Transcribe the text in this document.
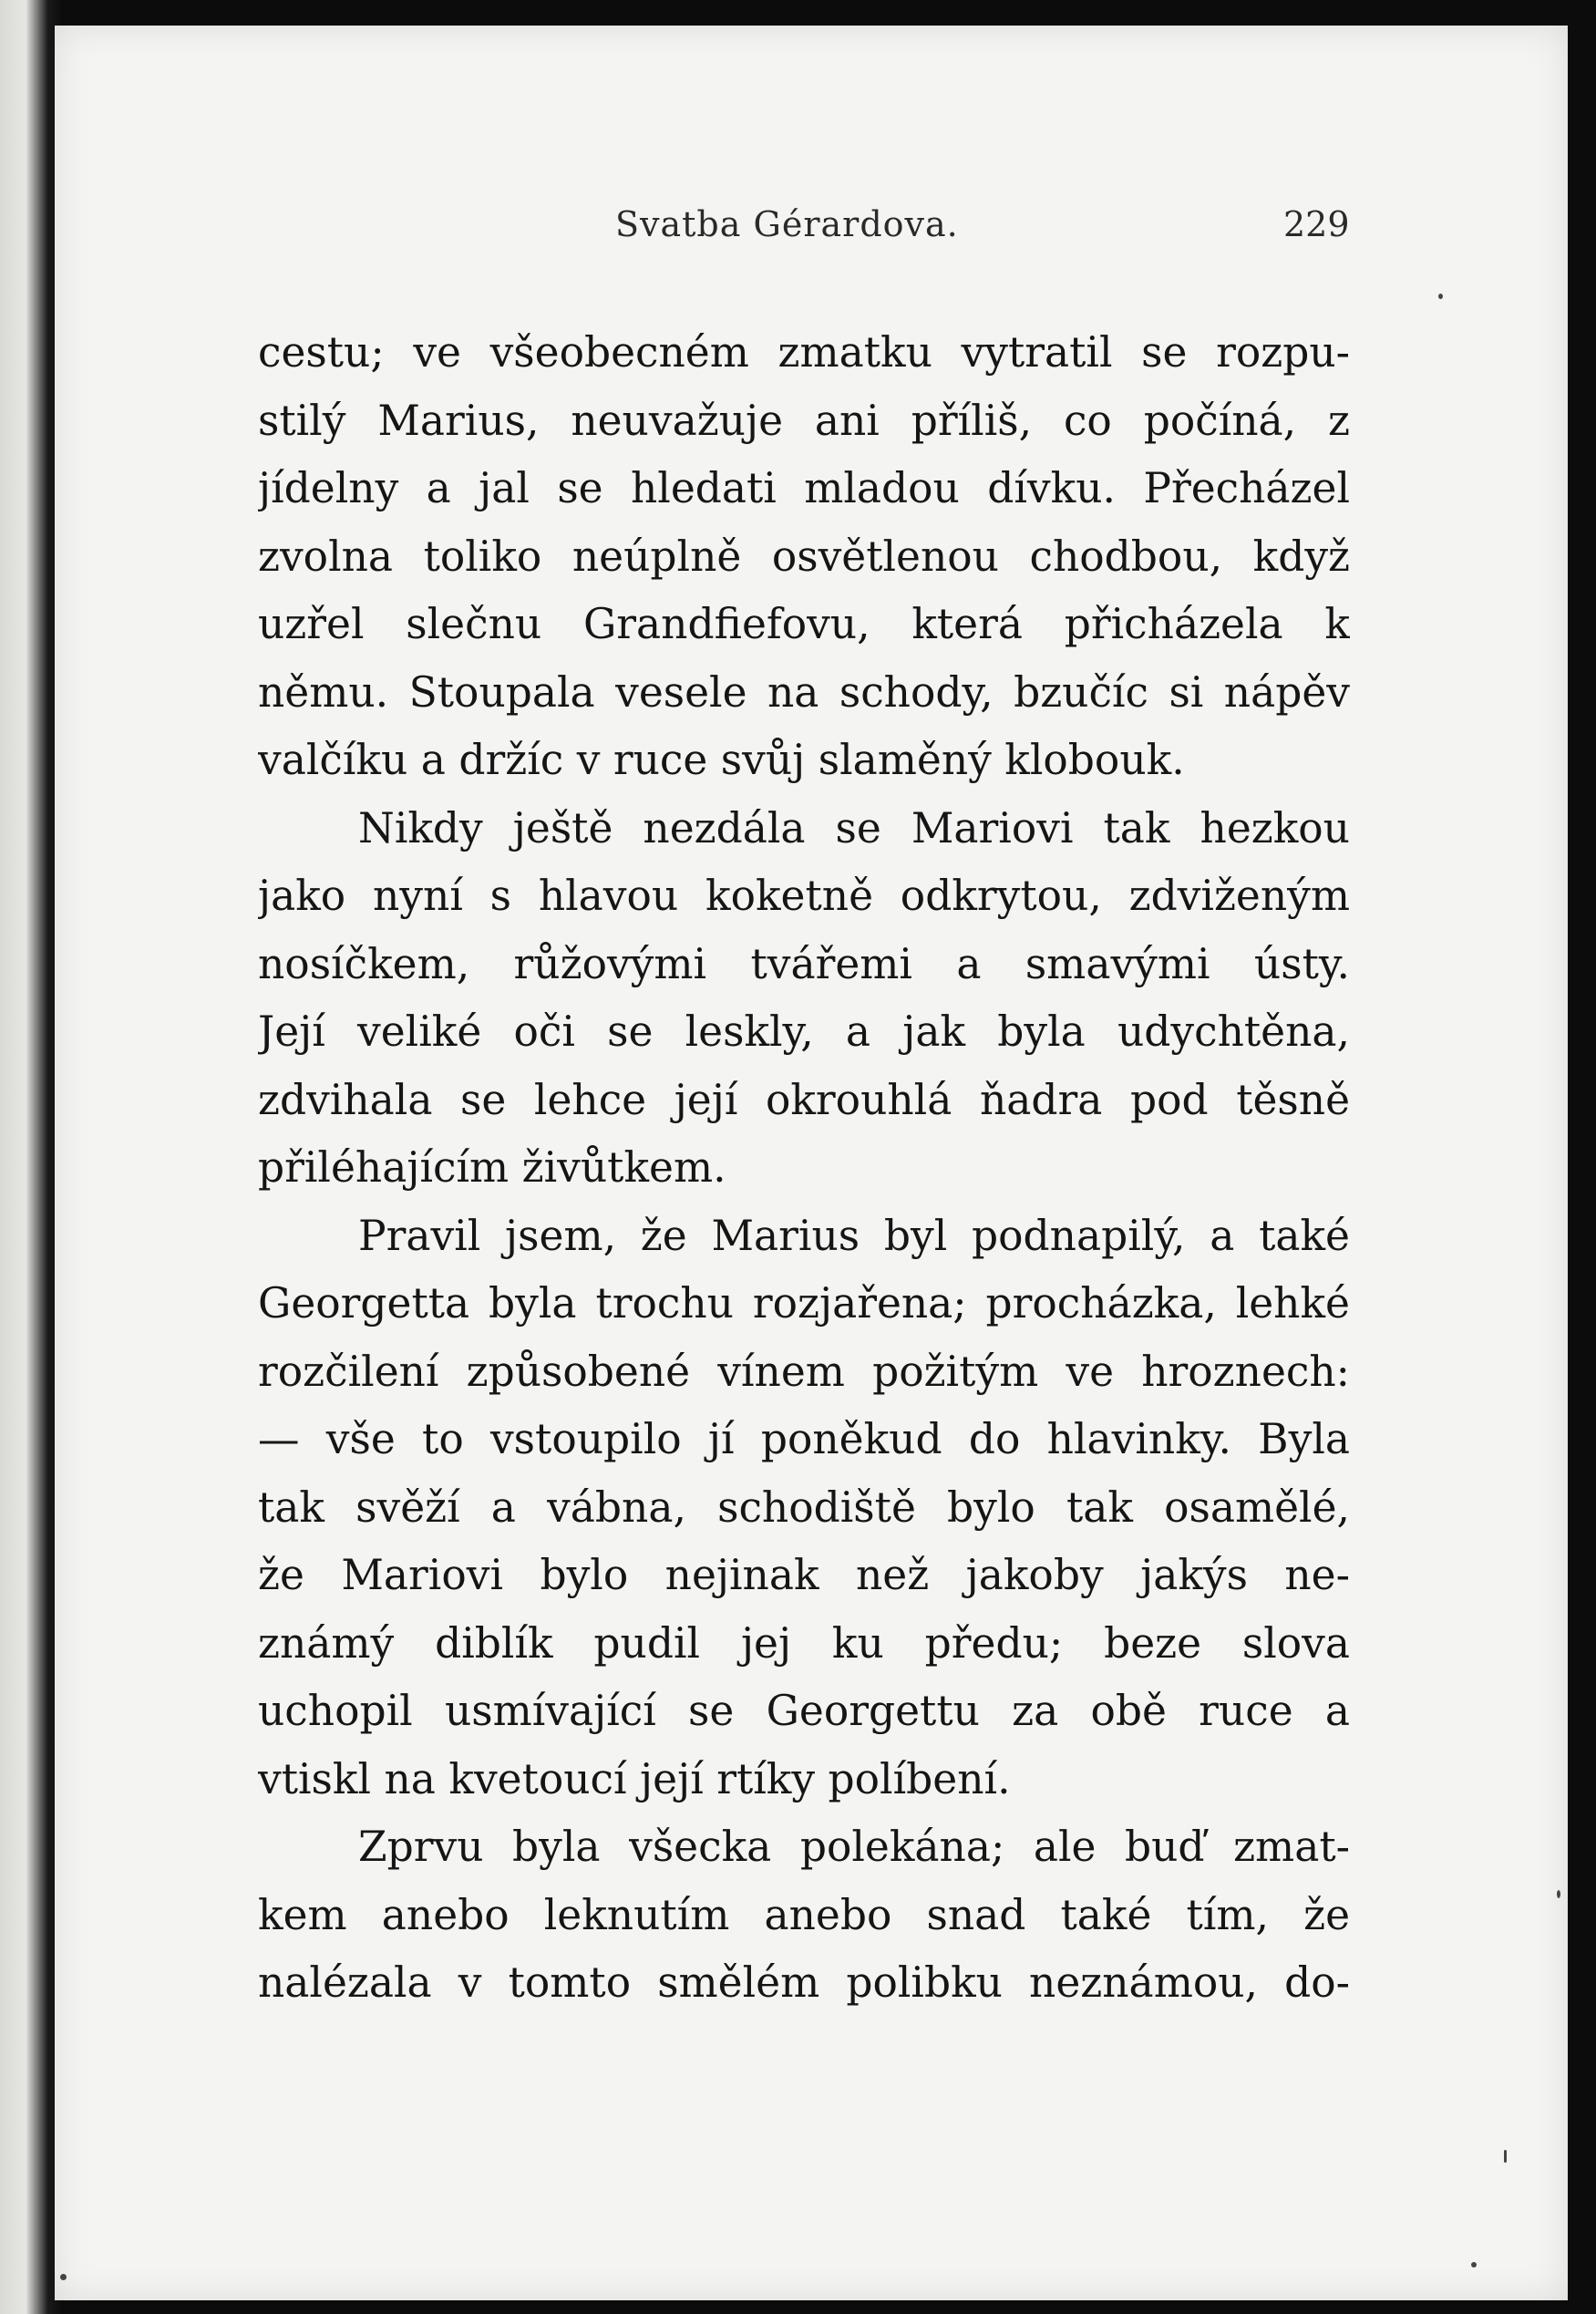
Svatba Gérardova.	229
cestu; ve všeobecném zmatku vytratil se rozpu-
stilý Marius, neuvažuje ani příliš, co počíná, z
jídelny a jal se hledati mladou dívku. Přecházel
zvolna toliko neúplně osvětlenou chodbou, když
uzřel slečnu Grandfiefovu, která přicházela k
němu. Stoupala vesele na schody, bzučíc si nápěv
valčíku a držíc v ruce svůj slaměný klobouk.
Nikdy ještě nezdála se Mariovi tak hezkou
jako nyní s hlavou koketně odkrytou, zdviženým
nosíčkem, růžovými tvářemi a smavými ústy.
Její veliké oči se leskly, a jak byla udychtěna,
zdvihala se lehce její okrouhlá ňadra pod těsně
přiléhajícím živůtkem.
Pravil jsem, že Marius byl podnapilý, a také
Georgetta byla trochu rozjařena; procházka, lehké
rozčilení způsobené vínem požitým ve hroznech:
— vše to vstoupilo jí poněkud do hlavinky. Byla
tak svěží a vábna, schodiště bylo tak osamělé,
že Mariovi bylo nejinak než jakoby jakýs ne-
známý diblík pudil jej ku předu; beze slova
uchopil usmívající se Georgettu za obě ruce a
vtiskl na kvetoucí její rtíky políbení.
Zprvu byla všecka polekána; ale buď zmat-
kem anebo leknutím anebo snad také tím, že
nalézala v tomto smělém polibku neznámou, do-
